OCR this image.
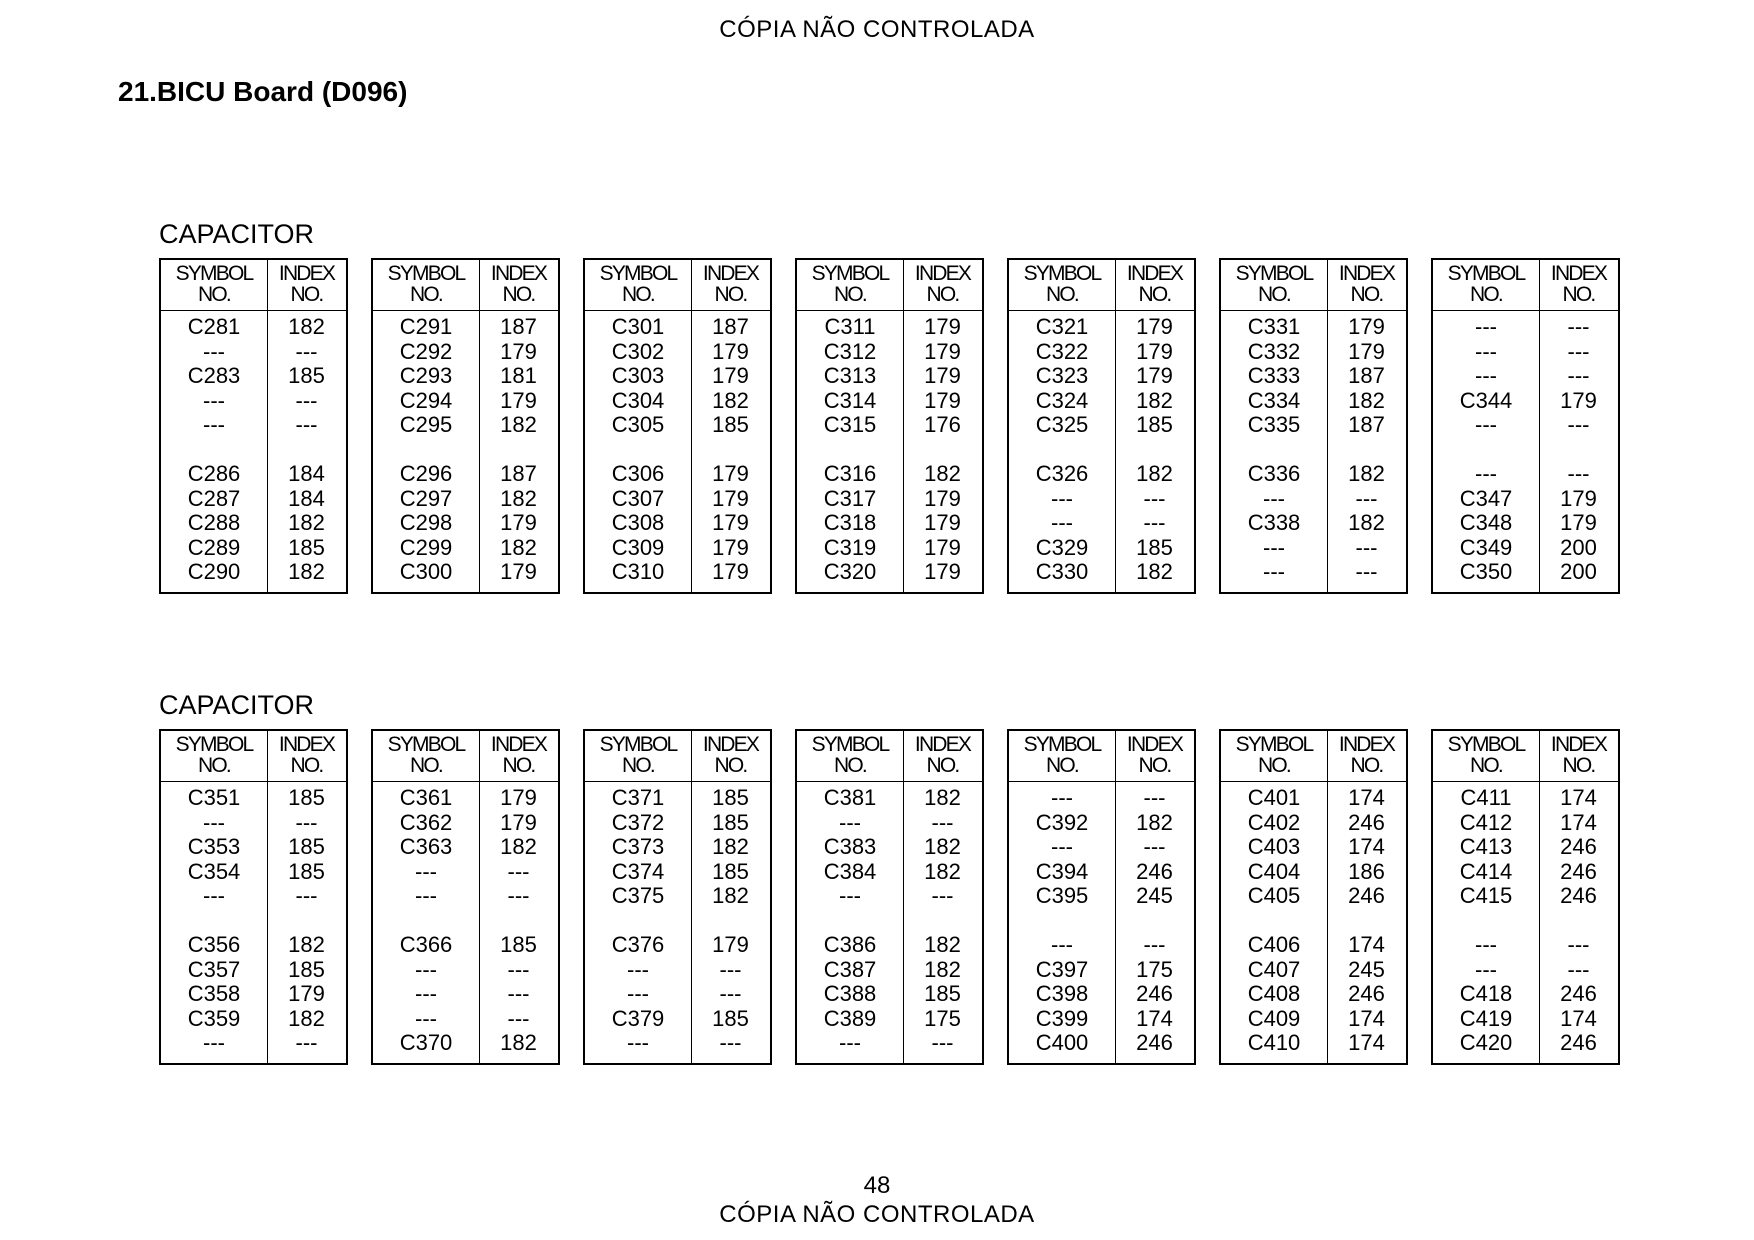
CÓPIA NÃO CONTROLADA
21.BICU Board (D096)
CAPACITOR
SYMBOL
NO.
INDEX
NO.
C281
---
C283
---
---
C286
C287
C288
C289
C290
182
---
185
---
---
184
184
182
185
182
SYMBOL
NO.
INDEX
NO.
C291
C292
C293
C294
C295
C296
C297
C298
C299
C300
187
179
181
179
182
187
182
179
182
179
SYMBOL
NO.
INDEX
NO.
C301
C302
C303
C304
C305
C306
C307
C308
C309
C310
187
179
179
182
185
179
179
179
179
179
SYMBOL
NO.
INDEX
NO.
C311
C312
C313
C314
C315
C316
C317
C318
C319
C320
179
179
179
179
176
182
179
179
179
179
SYMBOL
NO.
INDEX
NO.
C321
C322
C323
C324
C325
C326
---
---
C329
C330
179
179
179
182
185
182
---
---
185
182
SYMBOL
NO.
INDEX
NO.
C331
C332
C333
C334
C335
C336
---
C338
---
---
179
179
187
182
187
182
---
182
---
---
SYMBOL
NO.
INDEX
NO.
---
---
---
C344
---
---
C347
C348
C349
C350
---
---
---
179
---
---
179
179
200
200
CAPACITOR
SYMBOL
NO.
INDEX
NO.
C351
---
C353
C354
---
C356
C357
C358
C359
---
185
---
185
185
---
182
185
179
182
---
SYMBOL
NO.
INDEX
NO.
C361
C362
C363
---
---
C366
---
---
---
C370
179
179
182
---
---
185
---
---
---
182
SYMBOL
NO.
INDEX
NO.
C371
C372
C373
C374
C375
C376
---
---
C379
---
185
185
182
185
182
179
---
---
185
---
SYMBOL
NO.
INDEX
NO.
C381
---
C383
C384
---
C386
C387
C388
C389
---
182
---
182
182
---
182
182
185
175
---
SYMBOL
NO.
INDEX
NO.
---
C392
---
C394
C395
---
C397
C398
C399
C400
---
182
---
246
245
---
175
246
174
246
SYMBOL
NO.
INDEX
NO.
C401
C402
C403
C404
C405
C406
C407
C408
C409
C410
174
246
174
186
246
174
245
246
174
174
SYMBOL
NO.
INDEX
NO.
C411
C412
C413
C414
C415
---
---
C418
C419
C420
174
174
246
246
246
---
---
246
174
246
48
CÓPIA NÃO CONTROLADA
